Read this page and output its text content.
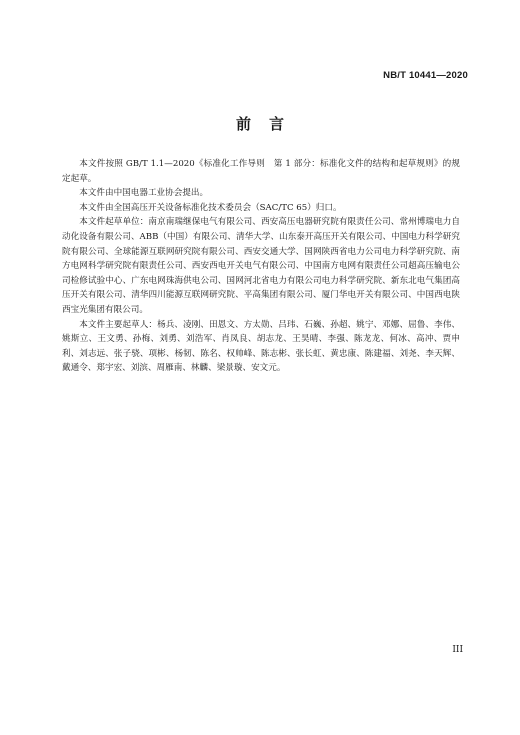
NB/T 10441—2020
前言

本文件按照 GB/T 1.1—2020《标准化工作导则　第 1 部分：标准化文件的结构和起草规则》的规定起草。

本文件由中国电器工业协会提出。

本文件由全国高压开关设备标准化技术委员会（SAC/TC 65）归口。

本文件起草单位：南京南瑞继保电气有限公司、西安高压电器研究院有限责任公司、常州博瑞电力自动化设备有限公司、ABB（中国）有限公司、清华大学、山东泰开高压开关有限公司、中国电力科学研究院有限公司、全球能源互联网研究院有限公司、西安交通大学、国网陕西省电力公司电力科学研究院、南方电网科学研究院有限责任公司、西安西电开关电气有限公司、中国南方电网有限责任公司超高压输电公司检修试验中心、广东电网珠海供电公司、国网河北省电力有限公司电力科学研究院、新东北电气集团高压开关有限公司、清华四川能源互联网研究院、平高集团有限公司、厦门华电开关有限公司、中国西电陕西宝光集团有限公司。

本文件主要起草人：杨兵、凌刚、田恩文、方太勋、吕玮、石巍、孙超、姚宁、邓娜、屈鲁、李伟、姚斯立、王文勇、孙梅、刘勇、刘浩军、肖凤良、胡志龙、王昊晴、李强、陈龙龙、何冰、高冲、贾申利、刘志远、张子骁、项彬、杨韧、陈名、权帅峰、陈志彬、张长虹、黄忠康、陈建福、刘尧、李天辉、戴通令、郑宇宏、刘滨、周雁南、林麟、梁景璇、安文元。

III
